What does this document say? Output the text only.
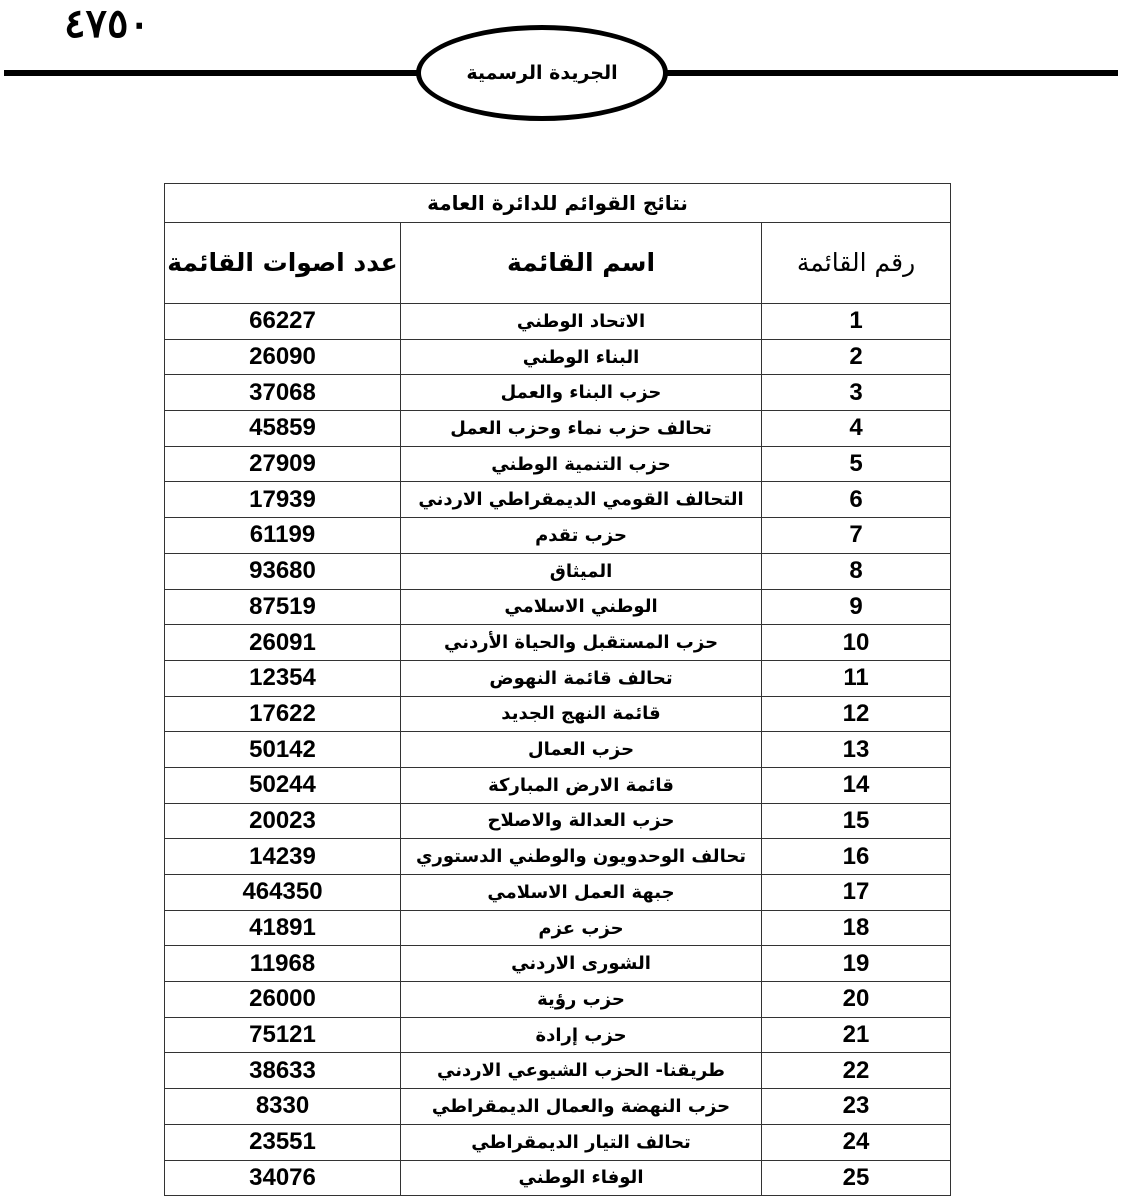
٤٧٥٠
الجريدة الرسمية
نتائج القوائم للدائرة العامة		
رقم القائمة	اسم القائمة	عدد اصوات القائمة
1	الاتحاد الوطني	66227
2	البناء الوطني	26090
3	حزب البناء والعمل	37068
4	تحالف حزب نماء وحزب العمل	45859
5	حزب التنمية الوطني	27909
6	التحالف القومي الديمقراطي الاردني	17939
7	حزب تقدم	61199
8	الميثاق	93680
9	الوطني الاسلامي	87519
10	حزب المستقبل والحياة الأردني	26091
11	تحالف قائمة النهوض	12354
12	قائمة النهج الجديد	17622
13	حزب العمال	50142
14	قائمة الارض المباركة	50244
15	حزب العدالة والاصلاح	20023
16	تحالف الوحدويون والوطني الدستوري	14239
17	جبهة العمل الاسلامي	464350
18	حزب عزم	41891
19	الشورى الاردني	11968
20	حزب رؤية	26000
21	حزب إرادة	75121
22	طريقنا- الحزب الشيوعي الاردني	38633
23	حزب النهضة والعمال الديمقراطي	8330
24	تحالف التيار الديمقراطي	23551
25	الوفاء الوطني	34076
